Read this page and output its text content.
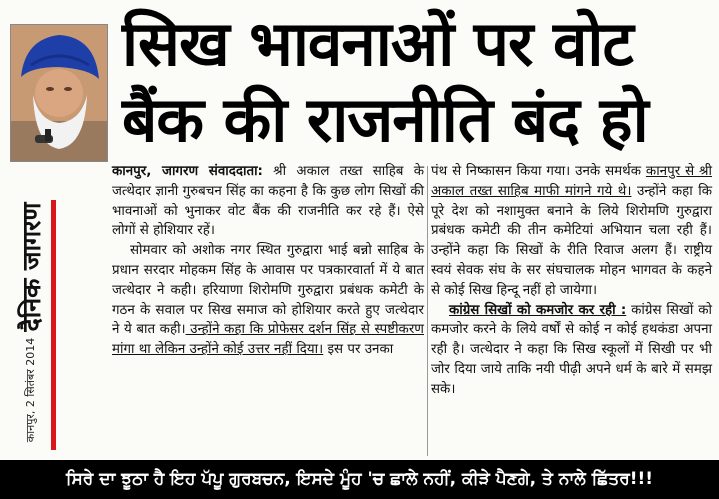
सिख भावनाओं पर वोट
बैंक की राजनीति बंद हो
दैनिक जागरण
कानपुर, 2 सितंबर 2014

कानपुर, जागरण संवाददाता: श्री अकाल तख्त साहिब के जत्थेदार ज्ञानी गुरुबचन सिंह का कहना है कि कुछ लोग सिखों की भावनाओं को भुनाकर वोट बैंक की राजनीति कर रहे हैं। ऐसे लोगों से होशियार रहें।

सोमवार को अशोक नगर स्थित गुरुद्वारा भाई बन्नो साहिब के प्रधान सरदार मोहकम सिंह के आवास पर पत्रकारवार्ता में ये बात जत्थेदार ने कही। हरियाणा शिरोमणि गुरुद्वारा प्रबंधक कमेटी के गठन के सवाल पर सिख समाज को होशियार करते हुए जत्थेदार ने ये बात कही। उन्होंने कहा कि प्रोफेसर दर्शन सिंह से स्पष्टीकरण मांगा था लेकिन उन्होंने कोई उत्तर नहीं दिया। इस पर उनका

पंथ से निष्कासन किया गया। उनके समर्थक कानपुर से श्री अकाल तख्त साहिब माफी मांगने गये थे। उन्होंने कहा कि पूरे देश को नशामुक्त बनाने के लिये शिरोमणि गुरुद्वारा प्रबंधक कमेटी की तीन कमेटियां अभियान चला रही हैं। उन्होंने कहा कि सिखों के रीति रिवाज अलग हैं। राष्ट्रीय स्वयं सेवक संघ के सर संघचालक मोहन भागवत के कहने से कोई सिख हिन्दू नहीं हो जायेगा।

कांग्रेस सिखों को कमजोर कर रही : कांग्रेस सिखों को कमजोर करने के लिये वर्षों से कोई न कोई हथकंडा अपना रही है। जत्थेदार ने कहा कि सिख स्कूलों में सिखी पर भी जोर दिया जाये ताकि नयी पीढ़ी अपने धर्म के बारे में समझ सके।

ਸਿਰੇ ਦਾ ਝੂਠਾ ਹੈ ਇਹ ਪੱਪੂ ਗੁਰਬਚਨ, ਇਸਦੇ ਮੂੰਹ 'ਚ ਛਾਲੇ ਨਹੀਂ, ਕੀੜੇ ਪੈਣਗੇ, ਤੇ ਨਾਲੇ ਛਿੱਤਰ!!!
